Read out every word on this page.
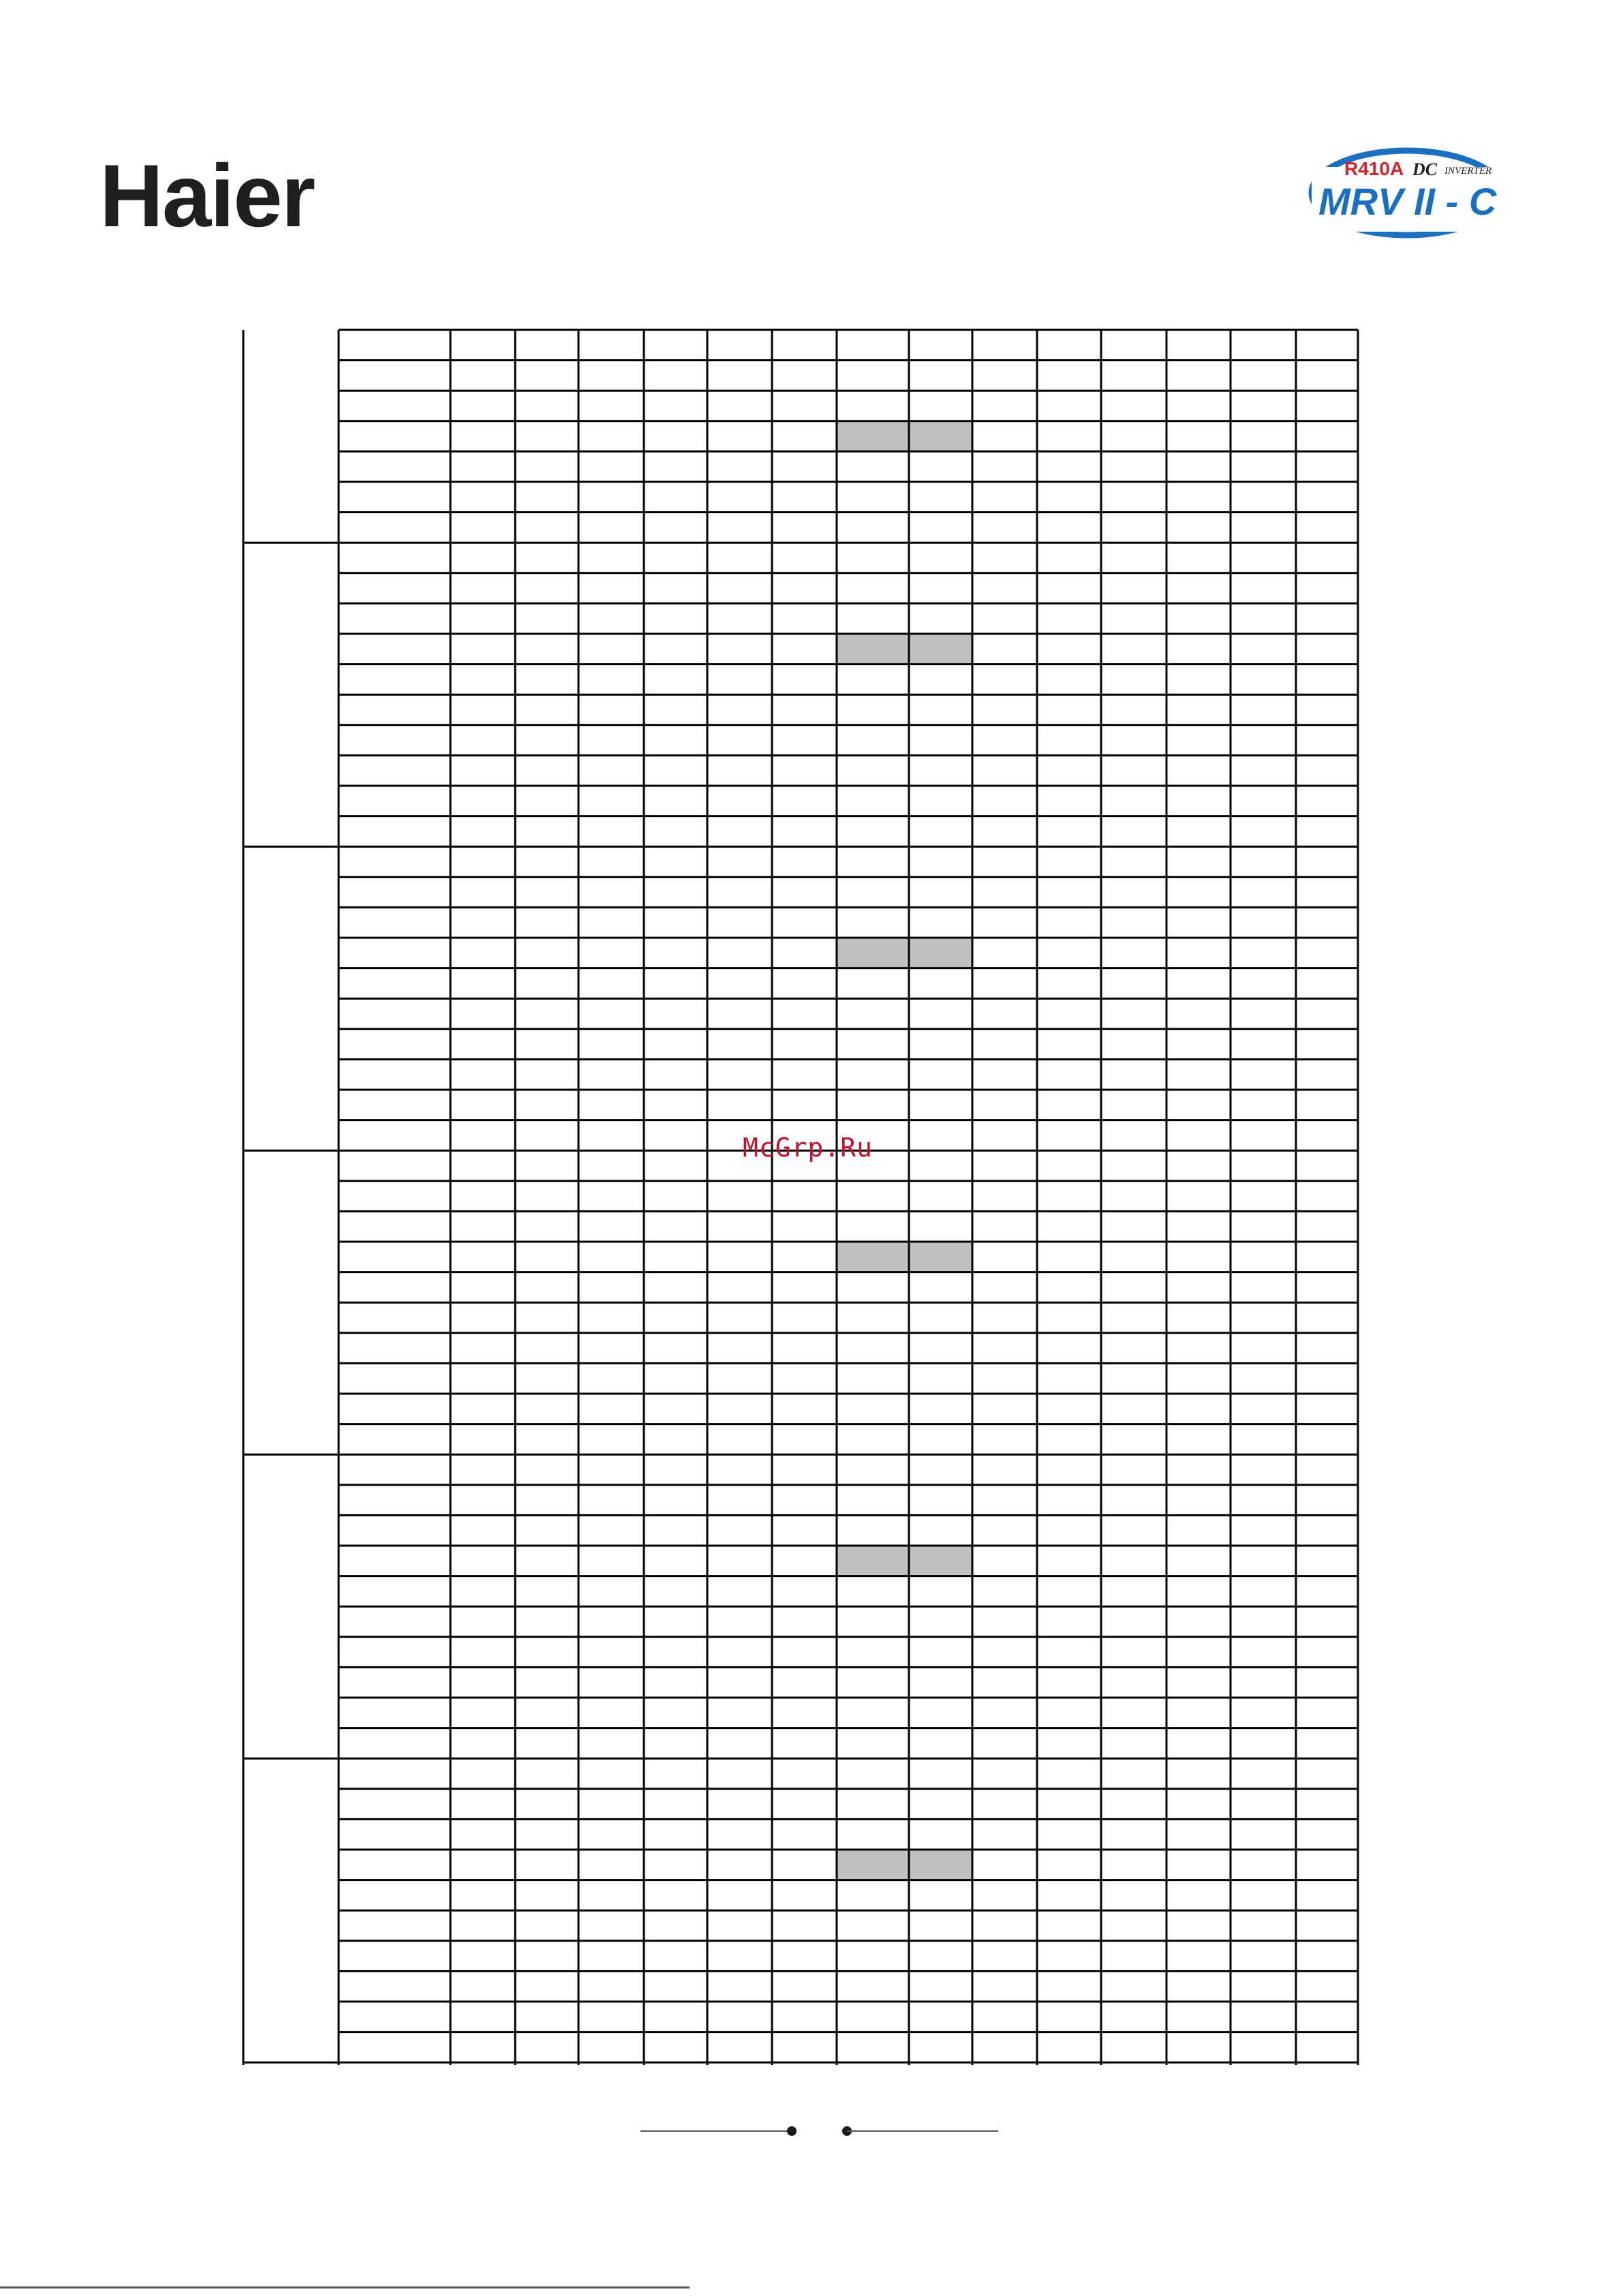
Haier	R410A DC INVERTER
MRV II - C
McGrp.Ru
